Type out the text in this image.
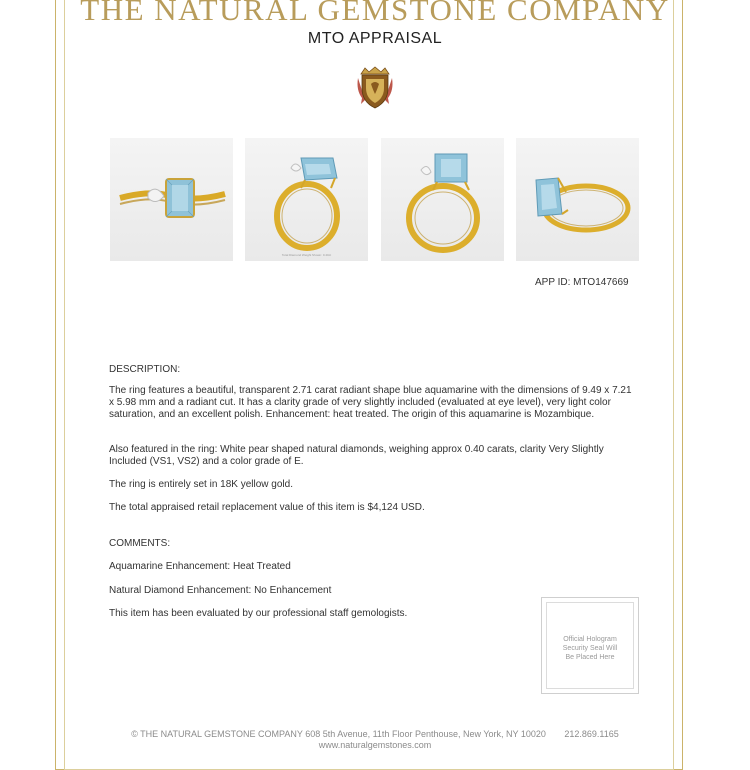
THE NATURAL GEMSTONE COMPANY
MTO APPRAISAL
Total Diamond Weight Shown: 0.40ct
APP ID: MTO147669
DESCRIPTION:
The ring features a beautiful, transparent 2.71 carat radiant shape blue aquamarine with the dimensions of 9.49 x 7.21 x 5.98 mm and a radiant cut. It has a clarity grade of very slightly included (evaluated at eye level), very light color saturation, and an excellent polish. Enhancement: heat treated. The origin of this aquamarine is Mozambique.
Also featured in the ring: White pear shaped natural diamonds, weighing approx 0.40 carats, clarity Very Slightly Included (VS1, VS2) and a color grade of E.
The ring is entirely set in 18K yellow gold.
The total appraised retail replacement value of this item is $4,124 USD.
COMMENTS:
Aquamarine Enhancement: Heat Treated
Natural Diamond Enhancement: No Enhancement
This item has been evaluated by our professional staff gemologists.
Official Hologram
Security Seal Will
Be Placed Here
© THE NATURAL GEMSTONE COMPANY 608 5th Avenue, 11th Floor Penthouse, New York, NY 10020 212.869.1165
www.naturalgemstones.com
